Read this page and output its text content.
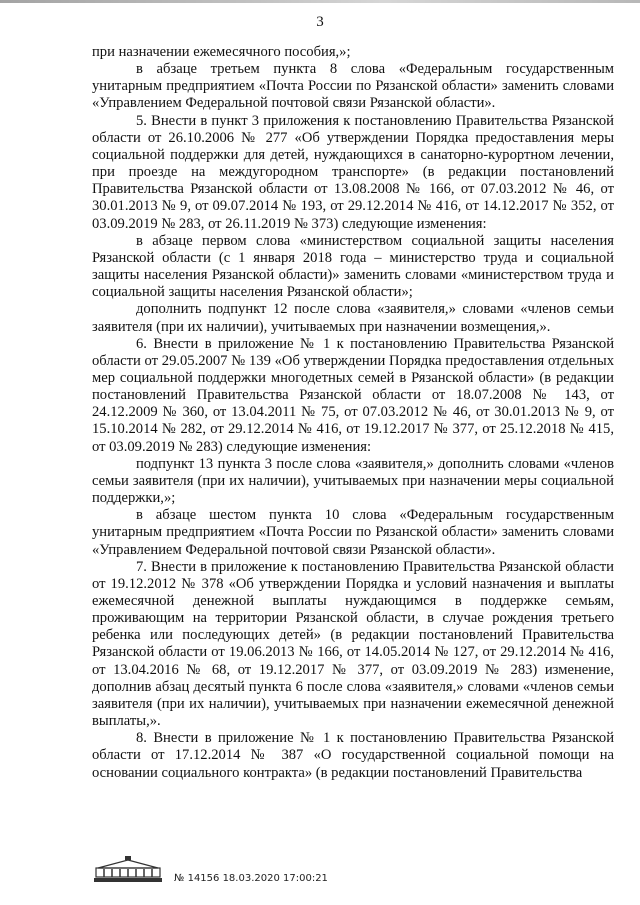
3

при назначении ежемесячного пособия,»;

в абзаце третьем пункта 8 слова «Федеральным государственным унитарным предприятием «Почта России по Рязанской области» заменить словами «Управлением Федеральной почтовой связи Рязанской области».

5. Внести в пункт 3 приложения к постановлению Правительства Рязанской области от 26.10.2006 № 277 «Об утверждении Порядка предоставления меры социальной поддержки для детей, нуждающихся в санаторно-курортном лечении, при проезде на междугородном транспорте» (в редакции постановлений Правительства Рязанской области от 13.08.2008 № 166, от 07.03.2012 № 46, от 30.01.2013 № 9, от 09.07.2014 № 193, от 29.12.2014 № 416, от 14.12.2017 № 352, от 03.09.2019 № 283, от 26.11.2019 № 373) следующие изменения:

в абзаце первом слова «министерством социальной защиты населения Рязанской области (с 1 января 2018 года – министерство труда и социальной защиты населения Рязанской области)» заменить словами «министерством труда и социальной защиты населения Рязанской области»;

дополнить подпункт 12 после слова «заявителя,» словами «членов семьи заявителя (при их наличии), учитываемых при назначении возмещения,».

6. Внести в приложение № 1 к постановлению Правительства Рязанской области от 29.05.2007 № 139 «Об утверждении Порядка предоставления отдельных мер социальной поддержки многодетных семей в Рязанской области» (в редакции постановлений Правительства Рязанской области от 18.07.2008 № 143, от 24.12.2009 № 360, от 13.04.2011 № 75, от 07.03.2012 № 46, от 30.01.2013 № 9, от 15.10.2014 № 282, от 29.12.2014 № 416, от 19.12.2017 № 377, от 25.12.2018 № 415, от 03.09.2019 № 283) следующие изменения:

подпункт 13 пункта 3 после слова «заявителя,» дополнить словами «членов семьи заявителя (при их наличии), учитываемых при назначении меры социальной поддержки,»;

в абзаце шестом пункта 10 слова «Федеральным государственным унитарным предприятием «Почта России по Рязанской области» заменить словами «Управлением Федеральной почтовой связи Рязанской области».

7. Внести в приложение к постановлению Правительства Рязанской области от 19.12.2012 № 378 «Об утверждении Порядка и условий назначения и выплаты ежемесячной денежной выплаты нуждающимся в поддержке семьям, проживающим на территории Рязанской области, в случае рождения третьего ребенка или последующих детей» (в редакции постановлений Правительства Рязанской области от 19.06.2013 № 166, от 14.05.2014 № 127, от 29.12.2014 № 416, от 13.04.2016 № 68, от 19.12.2017 № 377, от 03.09.2019 № 283) изменение, дополнив абзац десятый пункта 6 после слова «заявителя,» словами «членов семьи заявителя (при их наличии), учитываемых при назначении ежемесячной денежной выплаты,».

8. Внести в приложение № 1 к постановлению Правительства Рязанской области от 17.12.2014 № 387 «О государственной социальной помощи на основании социального контракта» (в редакции постановлений Правительства

№ 14156 18.03.2020 17:00:21
